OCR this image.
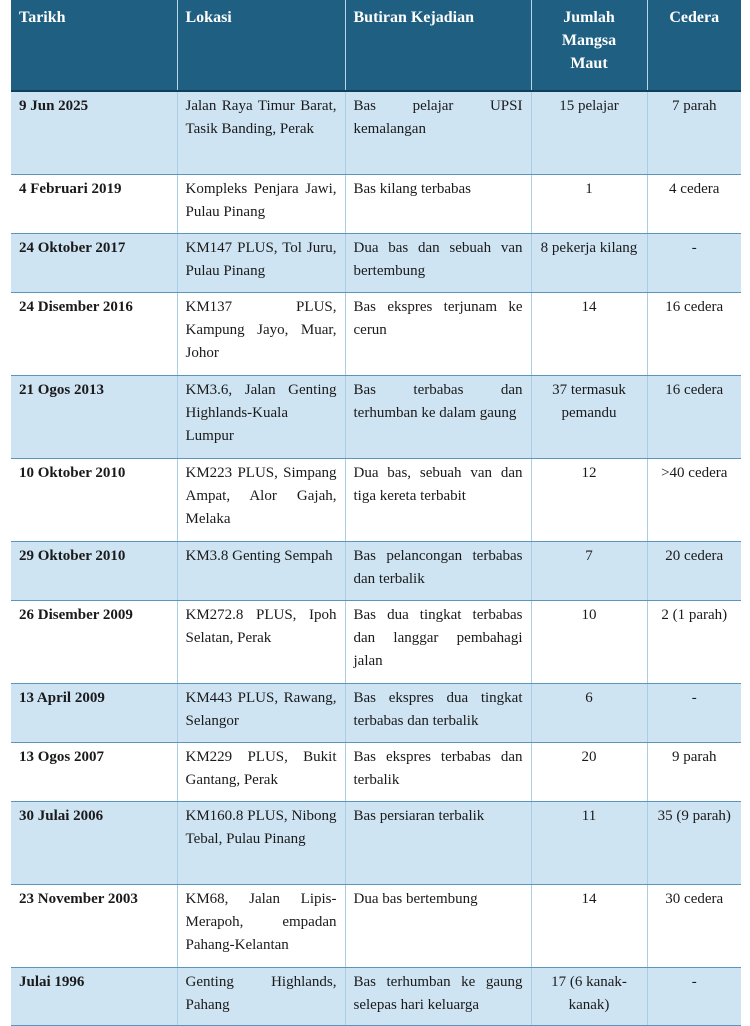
Tarikh	Lokasi	Butiran Kejadian	Jumlah Mangsa Maut	Cedera
9 Jun 2025	Jalan Raya Timur Barat, Tasik Banding, Perak	Bas pelajar UPSI kemalangan	15 pelajar	7 parah
4 Februari 2019	Kompleks Penjara Jawi, Pulau Pinang	Bas kilang terbabas	1	4 cedera
24 Oktober 2017	KM147 PLUS, Tol Juru, Pulau Pinang	Dua bas dan sebuah van bertembung	8 pekerja kilang	-
24 Disember 2016	KM137 PLUS, Kampung Jayo, Muar, Johor	Bas ekspres terjunam ke cerun	14	16 cedera
21 Ogos 2013	KM3.6, Jalan Genting Highlands-Kuala Lumpur	Bas terbabas dan terhumban ke dalam gaung	37 termasuk pemandu	16 cedera
10 Oktober 2010	KM223 PLUS, Simpang Ampat, Alor Gajah, Melaka	Dua bas, sebuah van dan tiga kereta terbabit	12	>40 cedera
29 Oktober 2010	KM3.8 Genting Sempah	Bas pelancongan terbabas dan terbalik	7	20 cedera
26 Disember 2009	KM272.8 PLUS, Ipoh Selatan, Perak	Bas dua tingkat terbabas dan langgar pembahagi jalan	10	2 (1 parah)
13 April 2009	KM443 PLUS, Rawang, Selangor	Bas ekspres dua tingkat terbabas dan terbalik	6	-
13 Ogos 2007	KM229 PLUS, Bukit Gantang, Perak	Bas ekspres terbabas dan terbalik	20	9 parah
30 Julai 2006	KM160.8 PLUS, Nibong Tebal, Pulau Pinang	Bas persiaran terbalik	11	35 (9 parah)
23 November 2003	KM68, Jalan Lipis-Merapoh, empadan Pahang-Kelantan	Dua bas bertembung	14	30 cedera
Julai 1996	Genting Highlands, Pahang	Bas terhumban ke gaung selepas hari keluarga	17 (6 kanak-kanak)	-
